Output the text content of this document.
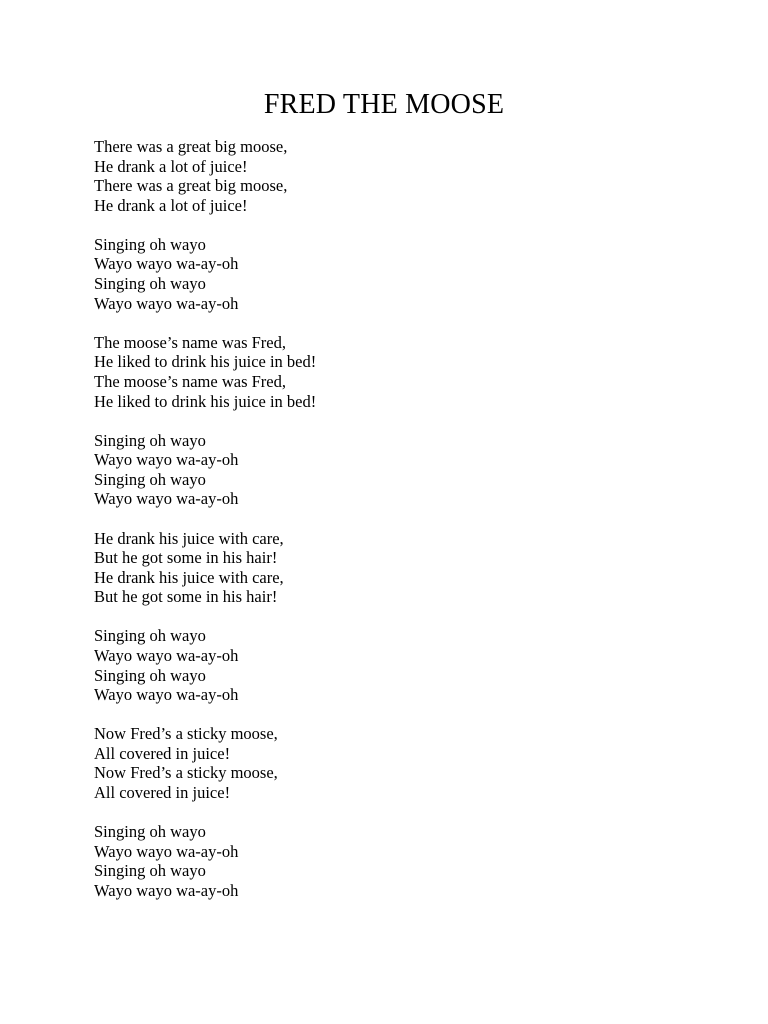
FRED THE MOOSE
There was a great big moose,
He drank a lot of juice!
There was a great big moose,
He drank a lot of juice!
Singing oh wayo
Wayo wayo wa-ay-oh
Singing oh wayo
Wayo wayo wa-ay-oh
The moose’s name was Fred,
He liked to drink his juice in bed!
The moose’s name was Fred,
He liked to drink his juice in bed!
Singing oh wayo
Wayo wayo wa-ay-oh
Singing oh wayo
Wayo wayo wa-ay-oh
He drank his juice with care,
But he got some in his hair!
He drank his juice with care,
But he got some in his hair!
Singing oh wayo
Wayo wayo wa-ay-oh
Singing oh wayo
Wayo wayo wa-ay-oh
Now Fred’s a sticky moose,
All covered in juice!
Now Fred’s a sticky moose,
All covered in juice!
Singing oh wayo
Wayo wayo wa-ay-oh
Singing oh wayo
Wayo wayo wa-ay-oh
